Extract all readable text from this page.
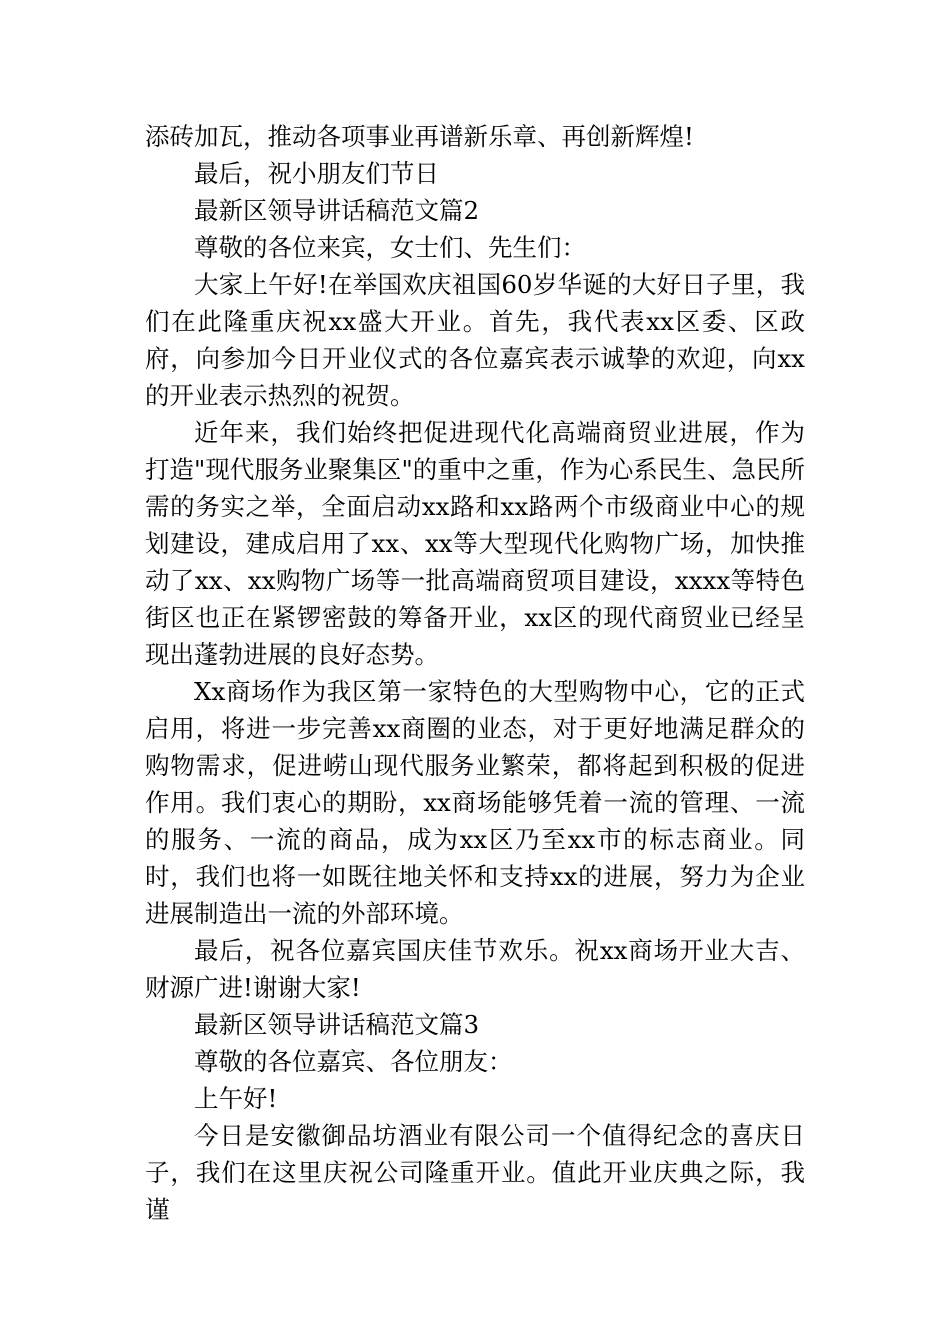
添砖加瓦，推动各项事业再谱新乐章、再创新辉煌!

最后，祝小朋友们节日

最新区领导讲话稿范文篇2

尊敬的各位来宾，女士们、先生们：

大家上午好!在举国欢庆祖国60岁华诞的大好日子里，我们在此隆重庆祝xx盛大开业。首先，我代表xx区委、区政府，向参加今日开业仪式的各位嘉宾表示诚挚的欢迎，向xx的开业表示热烈的祝贺。

近年来，我们始终把促进现代化高端商贸业进展，作为打造"现代服务业聚集区"的重中之重，作为心系民生、急民所需的务实之举，全面启动xx路和xx路两个市级商业中心的规划建设，建成启用了xx、xx等大型现代化购物广场，加快推动了xx、xx购物广场等一批高端商贸项目建设，xxxx等特色街区也正在紧锣密鼓的筹备开业，xx区的现代商贸业已经呈现出蓬勃进展的良好态势。

Xx商场作为我区第一家特色的大型购物中心，它的正式启用，将进一步完善xx商圈的业态，对于更好地满足群众的购物需求，促进崂山现代服务业繁荣，都将起到积极的促进作用。我们衷心的期盼，xx商场能够凭着一流的管理、一流的服务、一流的商品，成为xx区乃至xx市的标志商业。同时，我们也将一如既往地关怀和支持xx的进展，努力为企业进展制造出一流的外部环境。

最后，祝各位嘉宾国庆佳节欢乐。祝xx商场开业大吉、财源广进!谢谢大家!

最新区领导讲话稿范文篇3

尊敬的各位嘉宾、各位朋友：

上午好!

今日是安徽御品坊酒业有限公司一个值得纪念的喜庆日子，我们在这里庆祝公司隆重开业。值此开业庆典之际，我谨
